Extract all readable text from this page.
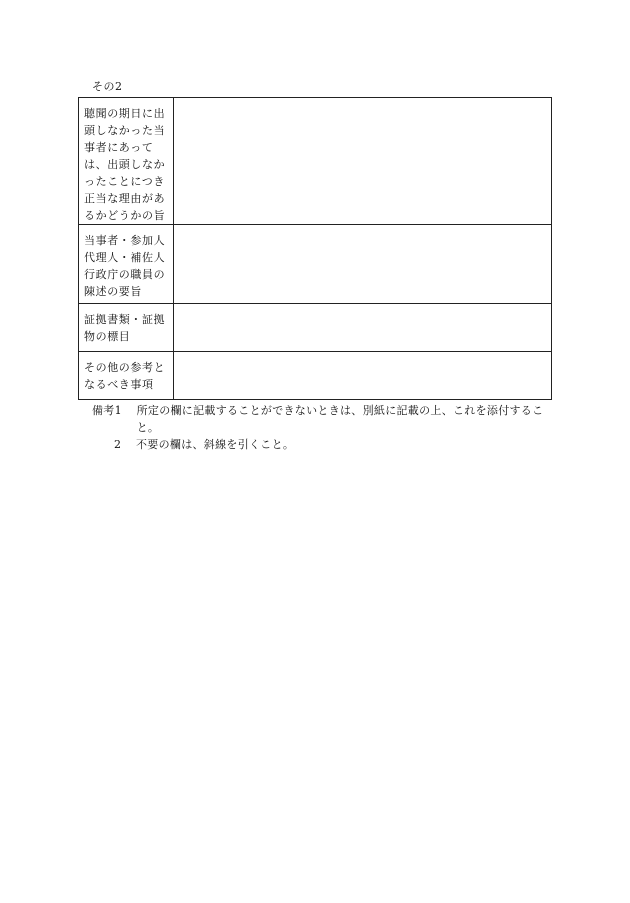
その2
聴聞の期日に出頭しなかった当事者にあっては、出頭しなかったことにつき正当な理由があるかどうかの旨	
当事者・参加人代理人・補佐人行政庁の職員の陳述の要旨	
証拠書類・証拠物の標目	
その他の参考となるべき事項	
備考1	所定の欄に記載することができないときは、別紙に記載の上、これを添付すること。
2	不要の欄は、斜線を引くこと。
